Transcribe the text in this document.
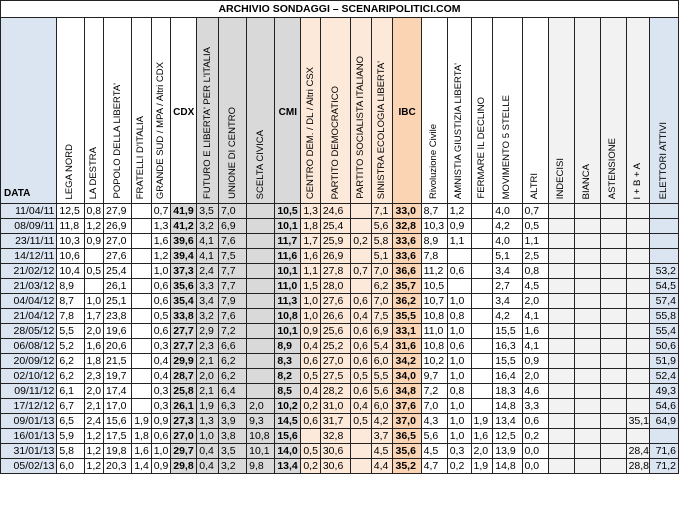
ARCHIVIO SONDAGGI – SCENARIPOLITICI.COM																									

DATA	LEGA NORD	LA DESTRA	POPOLO DELLA LIBERTA'	FRATELLI D'ITALIA	GRANDE SUD / MPA / Altri CDX	CDX	FUTURO E LIBERTA' PER L'ITALIA	UNIONE DI CENTRO	SCELTA CIVICA	CMI	CENTRO DEM. / DL / Altri CSX	PARTITO DEMOCRATICO	PARTITO SOCIALISTA ITALIANO	SINISTRA ECOLOGIA LIBERTA'	IBC	Rivoluzione Civile	AMNISTIA GIUSTIZIA LIBERTA'	FERMARE IL DECLINO	MOVIMENTO 5 STELLE	ALTRI	INDECISI	BIANCA	ASTENSIONE	I + B + A	ELETTORI ATTIVI

11/04/11	12,5	0,8	27,9		0,7	41,9	3,5	7,0		10,5	1,3	24,6		7,1	33,0	8,7	1,2		4,0	0,7					
08/09/11	11,8	1,2	26,9		1,3	41,2	3,2	6,9		10,1	1,8	25,4		5,6	32,8	10,3	0,9		4,2	0,5					
23/11/11	10,3	0,9	27,0		1,6	39,6	4,1	7,6		11,7	1,7	25,9	0,2	5,8	33,6	8,9	1,1		4,0	1,1					
14/12/11	10,6		27,6		1,2	39,4	4,1	7,5		11,6	1,6	26,9		5,1	33,6	7,8			5,1	2,5					
21/02/12	10,4	0,5	25,4		1,0	37,3	2,4	7,7		10,1	1,1	27,8	0,7	7,0	36,6	11,2	0,6		3,4	0,8					53,2
21/03/12	8,9		26,1		0,6	35,6	3,3	7,7		11,0	1,5	28,0		6,2	35,7	10,5			2,7	4,5					54,5
04/04/12	8,7	1,0	25,1		0,6	35,4	3,4	7,9		11,3	1,0	27,6	0,6	7,0	36,2	10,7	1,0		3,4	2,0					57,4
21/04/12	7,8	1,7	23,8		0,5	33,8	3,2	7,6		10,8	1,0	26,6	0,4	7,5	35,5	10,8	0,8		4,2	4,1					55,8
28/05/12	5,5	2,0	19,6		0,6	27,7	2,9	7,2		10,1	0,9	25,6	0,6	6,9	33,1	11,0	1,0		15,5	1,6					55,4
06/08/12	5,2	1,6	20,6		0,3	27,7	2,3	6,6		8,9	0,4	25,2	0,6	5,4	31,6	10,8	0,6		16,3	4,1					50,6
20/09/12	6,2	1,8	21,5		0,4	29,9	2,1	6,2		8,3	0,6	27,0	0,6	6,0	34,2	10,2	1,0		15,5	0,9					51,9
02/10/12	6,2	2,3	19,7		0,4	28,7	2,0	6,2		8,2	0,5	27,5	0,5	5,5	34,0	9,7	1,0		16,4	2,0					52,4
09/11/12	6,1	2,0	17,4		0,3	25,8	2,1	6,4		8,5	0,4	28,2	0,6	5,6	34,8	7,2	0,8		18,3	4,6					49,3
17/12/12	6,7	2,1	17,0		0,3	26,1	1,9	6,3	2,0	10,2	0,2	31,0	0,4	6,0	37,6	7,0	1,0		14,8	3,3					54,6
09/01/13	6,5	2,4	15,6	1,9	0,9	27,3	1,3	3,9	9,3	14,5	0,6	31,7	0,5	4,2	37,0	4,3	1,0	1,9	13,4	0,6				35,1	64,9
16/01/13	5,9	1,2	17,5	1,8	0,6	27,0	1,0	3,8	10,8	15,6		32,8		3,7	36,5	5,6	1,0	1,6	12,5	0,2					
31/01/13	5,8	1,2	19,8	1,6	1,0	29,7	0,4	3,5	10,1	14,0	0,5	30,6		4,5	35,6	4,5	0,3	2,0	13,9	0,0				28,4	71,6
05/02/13	6,0	1,2	20,3	1,4	0,9	29,8	0,4	3,2	9,8	13,4	0,2	30,6		4,4	35,2	4,7	0,2	1,9	14,8	0,0				28,8	71,2
